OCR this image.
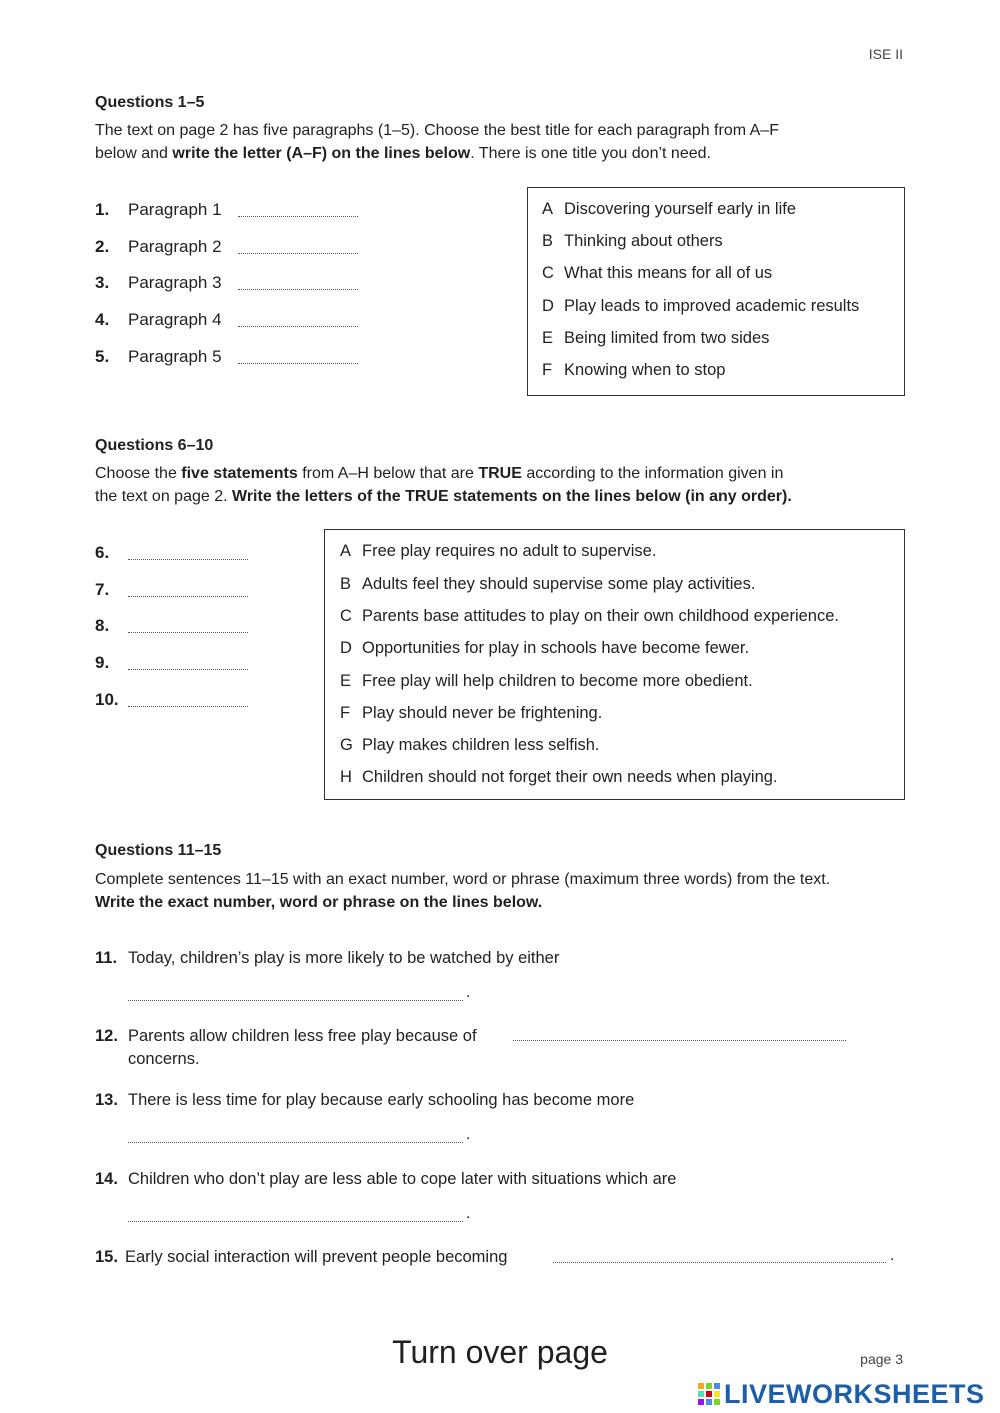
ISE II
Questions 1–5
The text on page 2 has five paragraphs (1–5). Choose the best title for each paragraph from A–F
below and write the letter (A–F) on the lines below. There is one title you don’t need.
1. Paragraph 1
2. Paragraph 2
3. Paragraph 3
4. Paragraph 4
5. Paragraph 5
A Discovering yourself early in life
B Thinking about others
C What this means for all of us
D Play leads to improved academic results
E Being limited from two sides
F Knowing when to stop
Questions 6–10
Choose the five statements from A–H below that are TRUE according to the information given in
the text on page 2. Write the letters of the TRUE statements on the lines below (in any order).
6.
7.
8.
9.
10.
A Free play requires no adult to supervise.
B Adults feel they should supervise some play activities.
C Parents base attitudes to play on their own childhood experience.
D Opportunities for play in schools have become fewer.
E Free play will help children to become more obedient.
F Play should never be frightening.
G Play makes children less selfish.
H Children should not forget their own needs when playing.
Questions 11–15
Complete sentences 11–15 with an exact number, word or phrase (maximum three words) from the text.
Write the exact number, word or phrase on the lines below.
11. Today, children’s play is more likely to be watched by either
.
12. Parents allow children less free play because of
concerns.
13. There is less time for play because early schooling has become more
.
14. Children who don’t play are less able to cope later with situations which are
.
15. Early social interaction will prevent people becoming	.
Turn over page	page 3
LIVEWORKSHEETS
